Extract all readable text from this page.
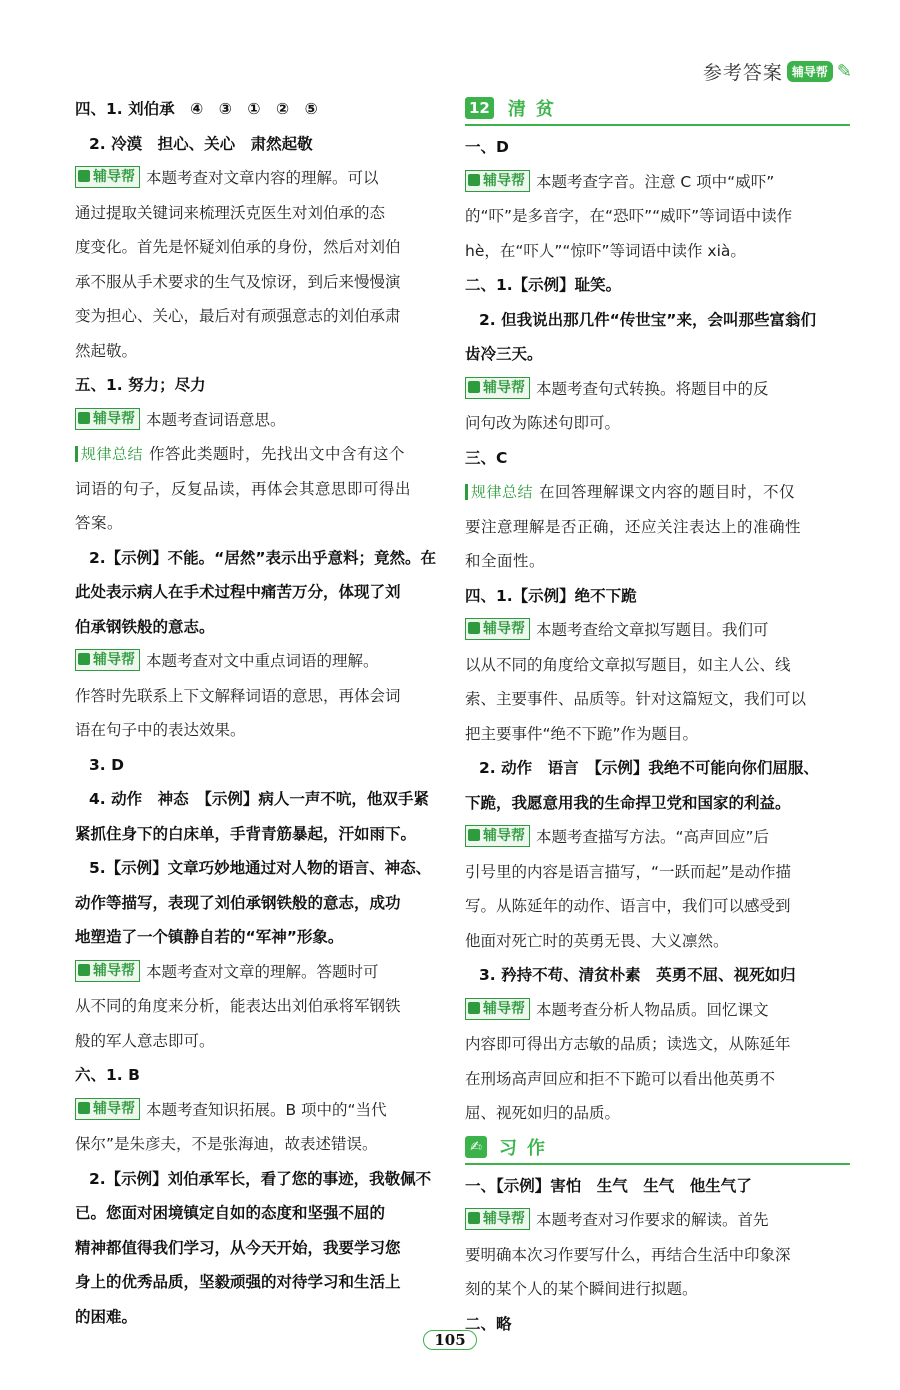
参考答案 辅导帮 ✎
四、1. 刘伯承　④　③　①　②　⑤
2. 冷漠　担心、关心　肃然起敬
辅导帮 本题考查对文章内容的理解。可以
通过提取关键词来梳理沃克医生对刘伯承的态
度变化。首先是怀疑刘伯承的身份，然后对刘伯
承不服从手术要求的生气及惊讶，到后来慢慢演
变为担心、关心，最后对有顽强意志的刘伯承肃
然起敬。
五、1. 努力；尽力
辅导帮 本题考查词语意思。
规律总结 作答此类题时，先找出文中含有这个
词语的句子，反复品读，再体会其意思即可得出
答案。
2.【示例】不能。“居然”表示出乎意料；竟然。在
此处表示病人在手术过程中痛苦万分，体现了刘
伯承钢铁般的意志。
辅导帮 本题考查对文中重点词语的理解。
作答时先联系上下文解释词语的意思，再体会词
语在句子中的表达效果。
3. D
4. 动作　神态　【示例】病人一声不吭，他双手紧
紧抓住身下的白床单，手背青筋暴起，汗如雨下。
5.【示例】文章巧妙地通过对人物的语言、神态、
动作等描写，表现了刘伯承钢铁般的意志，成功
地塑造了一个镇静自若的“军神”形象。
辅导帮 本题考查对文章的理解。答题时可
从不同的角度来分析，能表达出刘伯承将军钢铁
般的军人意志即可。
六、1. B
辅导帮 本题考查知识拓展。B 项中的“当代
保尔”是朱彦夫，不是张海迪，故表述错误。
2.【示例】刘伯承军长，看了您的事迹，我敬佩不
已。您面对困境镇定自如的态度和坚强不屈的
精神都值得我们学习，从今天开始，我要学习您
身上的优秀品质，坚毅顽强的对待学习和生活上
的困难。
12 清贫
一、D
辅导帮 本题考查字音。注意 C 项中“威吓”
的“吓”是多音字，在“恐吓”“威吓”等词语中读作
hè，在“吓人”“惊吓”等词语中读作 xià。
二、1.【示例】耻笑。
2. 但我说出那几件“传世宝”来，会叫那些富翁们
齿冷三天。
辅导帮 本题考查句式转换。将题目中的反
问句改为陈述句即可。
三、C
规律总结 在回答理解课文内容的题目时，不仅
要注意理解是否正确，还应关注表达上的准确性
和全面性。
四、1.【示例】绝不下跪
辅导帮 本题考查给文章拟写题目。我们可
以从不同的角度给文章拟写题目，如主人公、线
索、主要事件、品质等。针对这篇短文，我们可以
把主要事件“绝不下跪”作为题目。
2. 动作　语言　【示例】我绝不可能向你们屈服、
下跪，我愿意用我的生命捍卫党和国家的利益。
辅导帮 本题考查描写方法。“高声回应”后
引号里的内容是语言描写，“一跃而起”是动作描
写。从陈延年的动作、语言中，我们可以感受到
他面对死亡时的英勇无畏、大义凛然。
3. 矜持不苟、清贫朴素　英勇不屈、视死如归
辅导帮 本题考查分析人物品质。回忆课文
内容即可得出方志敏的品质；读选文，从陈延年
在刑场高声回应和拒不下跪可以看出他英勇不
屈、视死如归的品质。
✍ 习作
一、【示例】害怕　生气　生气　他生气了
辅导帮 本题考查对习作要求的解读。首先
要明确本次习作要写什么，再结合生活中印象深
刻的某个人的某个瞬间进行拟题。
二、略
105
